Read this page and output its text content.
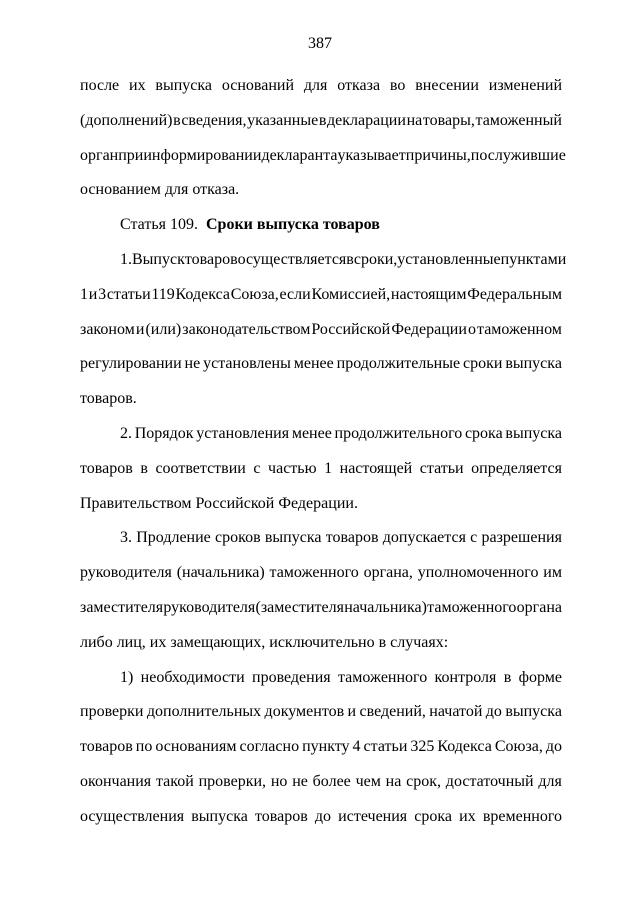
387
после их выпуска оснований для отказа во внесении изменений
(дополнений) в сведения, указанные в декларации на товары, таможенный
орган при информировании декларанта указывает причины, послужившие
основанием для отказа.
Статья 109. Сроки выпуска товаров
1. Выпуск товаров осуществляется в сроки, установленные пунктами
1 и 3 статьи 119 Кодекса Союза, если Комиссией, настоящим Федеральным
законом и (или) законодательством Российской Федерации о таможенном
регулировании не установлены менее продолжительные сроки выпуска
товаров.
2. Порядок установления менее продолжительного срока выпуска
товаров в соответствии с частью 1 настоящей статьи определяется
Правительством Российской Федерации.
3. Продление сроков выпуска товаров допускается с разрешения
руководителя (начальника) таможенного органа, уполномоченного им
заместителя руководителя (заместителя начальника) таможенного органа
либо лиц, их замещающих, исключительно в случаях:
1) необходимости проведения таможенного контроля в форме
проверки дополнительных документов и сведений, начатой до выпуска
товаров по основаниям согласно пункту 4 статьи 325 Кодекса Союза, до
окончания такой проверки, но не более чем на срок, достаточный для
осуществления выпуска товаров до истечения срока их временного
